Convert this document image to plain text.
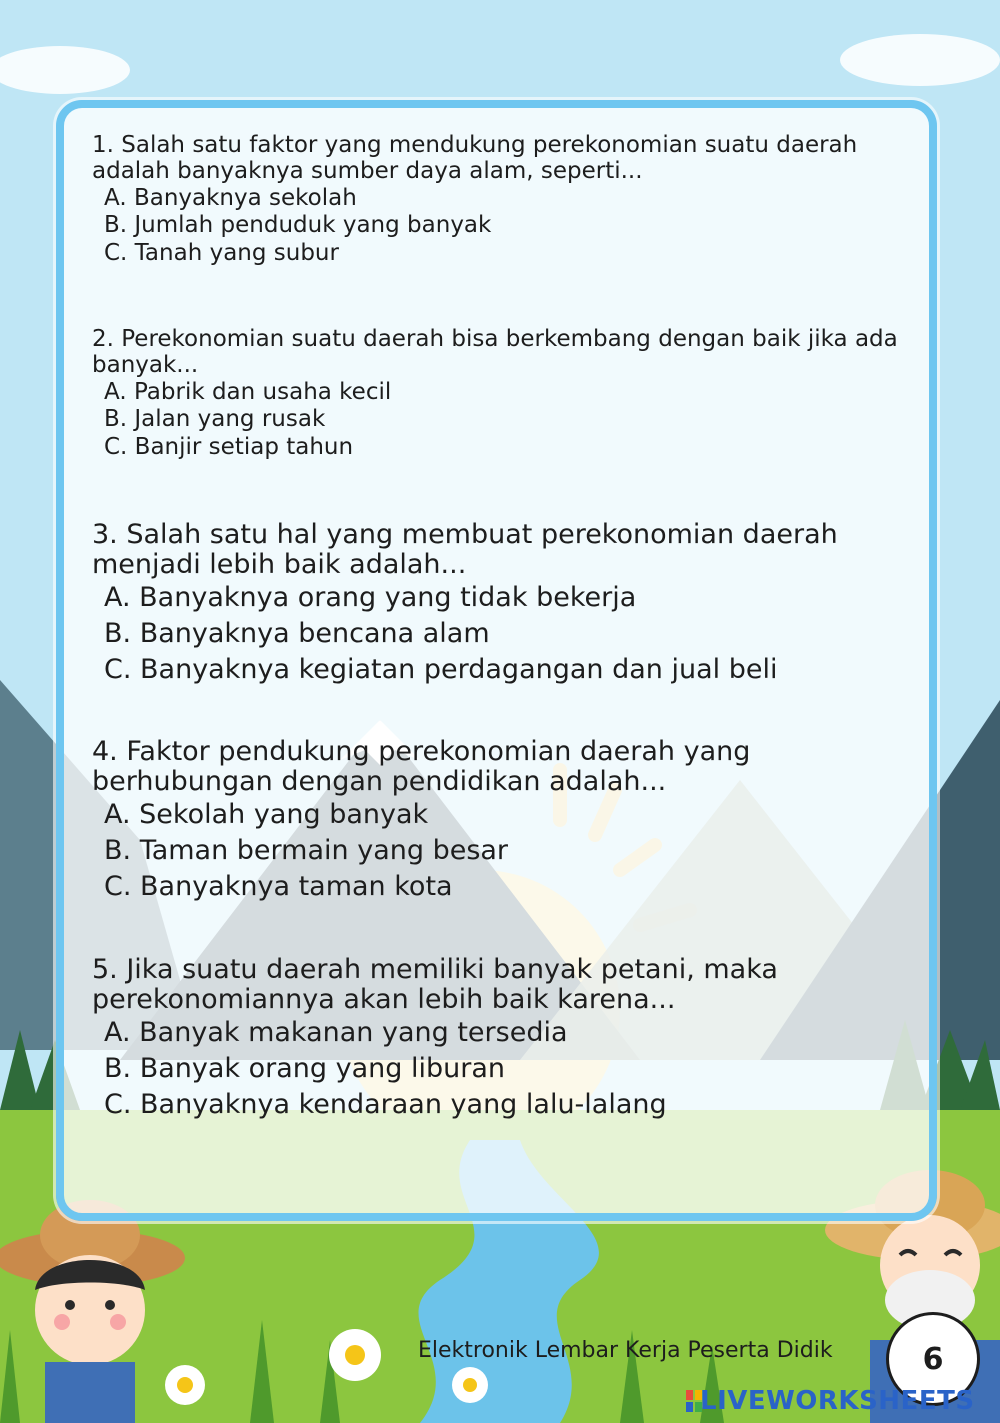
1. Salah satu faktor yang mendukung perekonomian suatu daerah adalah banyaknya sumber daya alam, seperti...

A. Banyaknya sekolah

B. Jumlah penduduk yang banyak

C. Tanah yang subur

2. Perekonomian suatu daerah bisa berkembang dengan baik jika ada banyak...

A. Pabrik dan usaha kecil

B. Jalan yang rusak

C. Banjir setiap tahun

3. Salah satu hal yang membuat perekonomian daerah menjadi lebih baik adalah...

A. Banyaknya orang yang tidak bekerja

B. Banyaknya bencana alam

C. Banyaknya kegiatan perdagangan dan jual beli

4. Faktor pendukung perekonomian daerah yang berhubungan dengan pendidikan adalah...

A. Sekolah yang banyak

B. Taman bermain yang besar

C. Banyaknya taman kota

5. Jika suatu daerah memiliki banyak petani, maka perekonomiannya akan lebih baik karena...

A. Banyak makanan yang tersedia

B. Banyak orang yang liburan

C. Banyaknya kendaraan yang lalu-lalang

Elektronik Lembar Kerja Peserta Didik	6
LIVEWORKSHEETS
